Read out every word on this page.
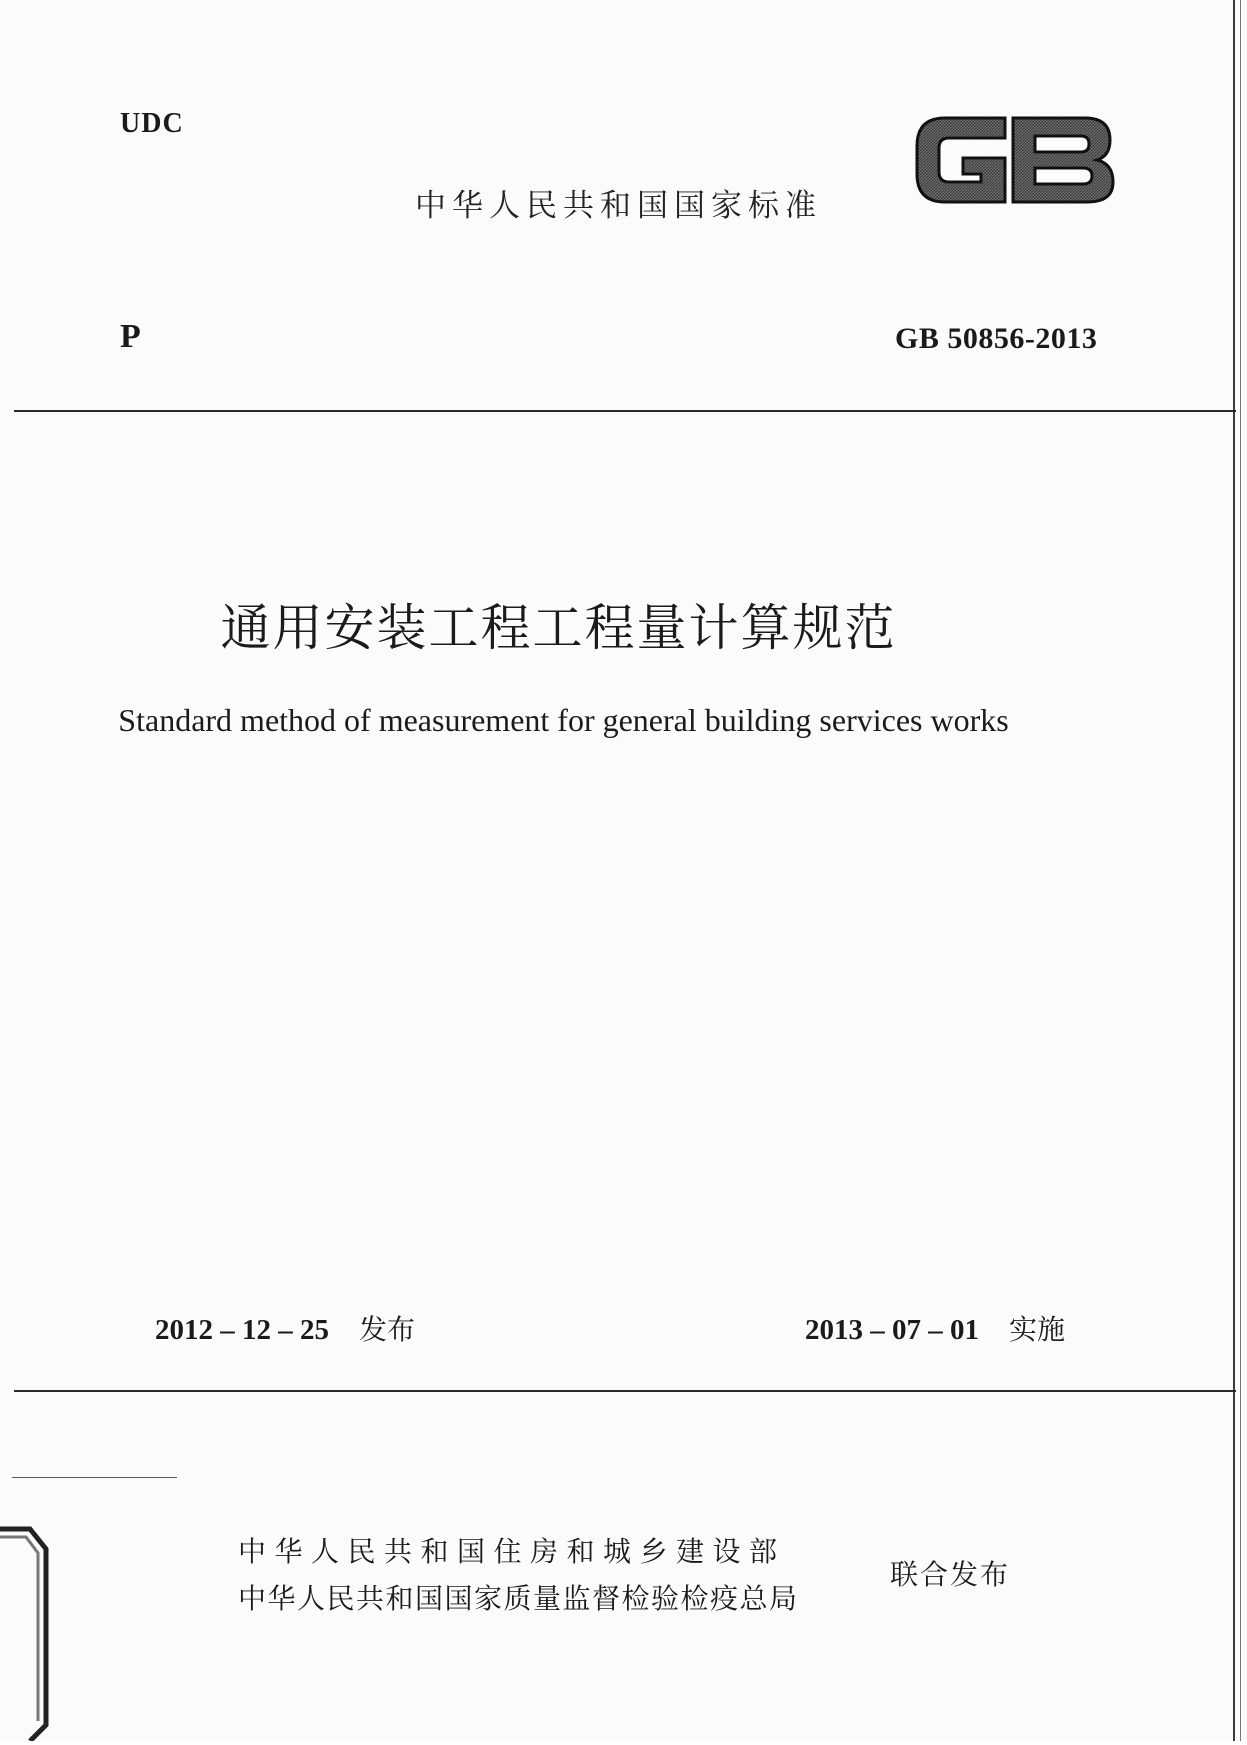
UDC
中华人民共和国国家标准
P	GB 50856-2013
通用安装工程工程量计算规范
Standard method of measurement for general building services works
2012 – 12 – 25 发布	2013 – 07 – 01 实施
中华人民共和国住房和城乡建设部
中华人民共和国国家质量监督检验检疫总局
联合发布
